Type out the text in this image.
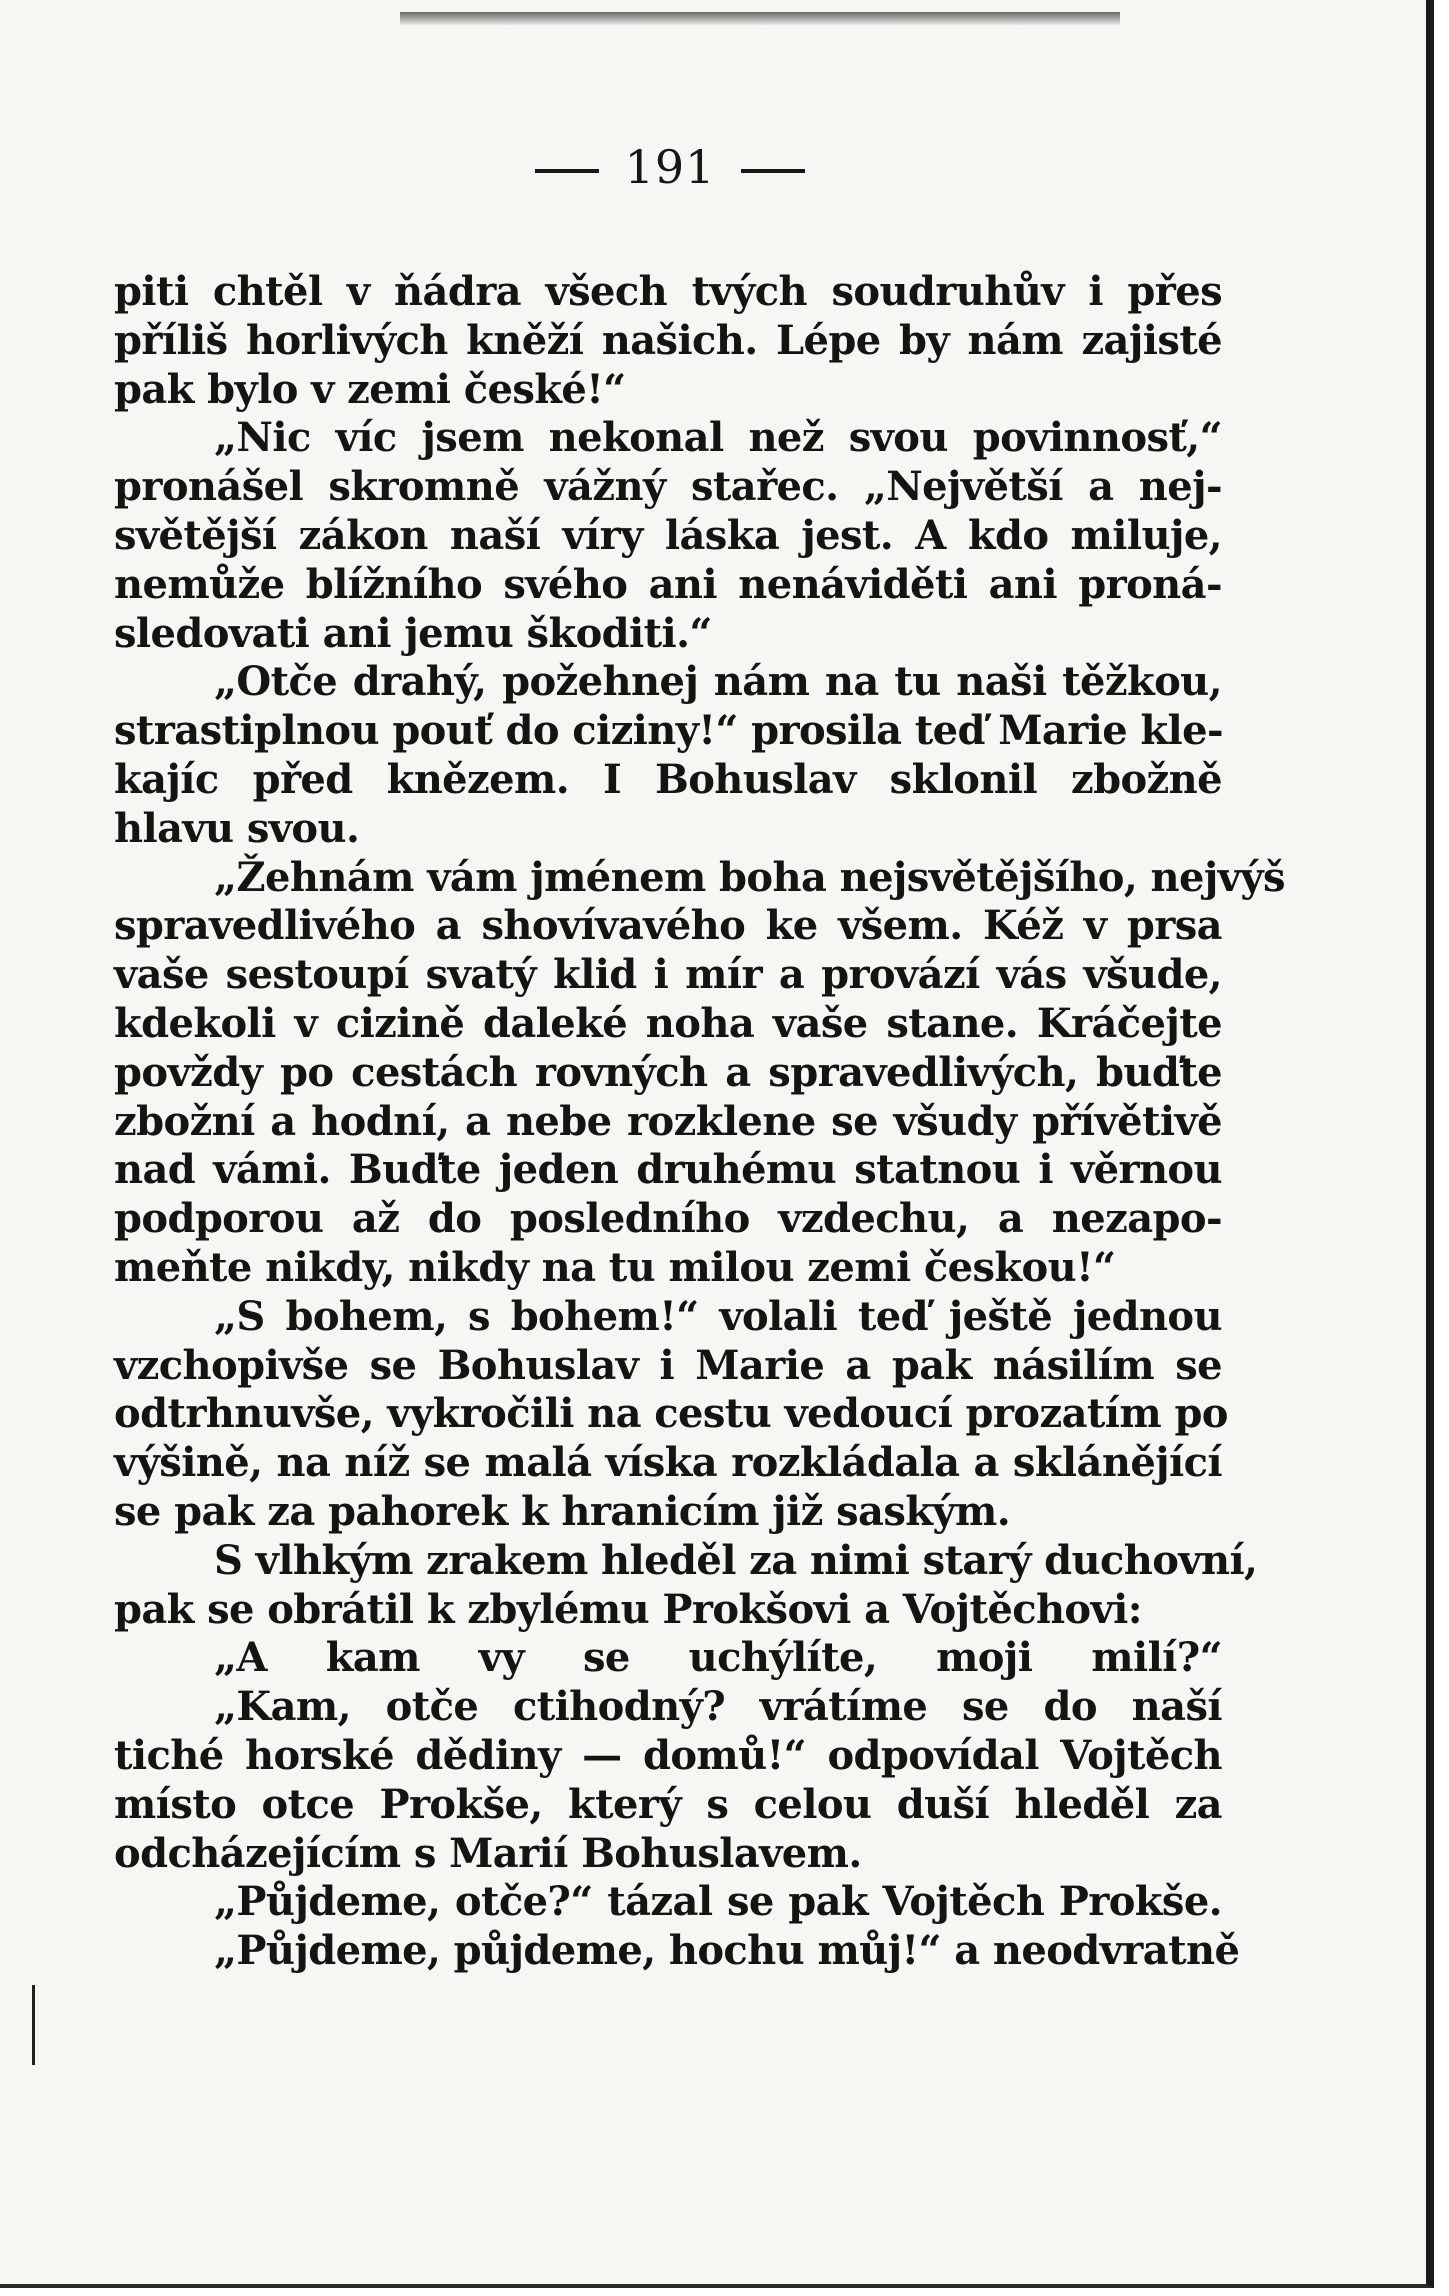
191
piti chtěl v ňádra všech tvých soudruhův i přes
příliš horlivých kněží našich. Lépe by nám zajisté
pak bylo v zemi české!“
„Nic víc jsem nekonal než svou povinnosť,“
pronášel skromně vážný stařec. „Největší a nej-
světější zákon naší víry láska jest. A kdo miluje,
nemůže blížního svého ani nenáviděti ani proná-
sledovati ani jemu škoditi.“
„Otče drahý, požehnej nám na tu naši těžkou,
strastiplnou pouť do ciziny!“ prosila teď Marie kle-
kajíc před knězem. I Bohuslav sklonil zbožně
hlavu svou.
„Žehnám vám jménem boha nejsvětějšího, nejvýš
spravedlivého a shovívavého ke všem. Kéž v prsa
vaše sestoupí svatý klid i mír a provází vás všude,
kdekoli v cizině daleké noha vaše stane. Kráčejte
povždy po cestách rovných a spravedlivých, buďte
zbožní a hodní, a nebe rozklene se všudy přívětivě
nad vámi. Buďte jeden druhému statnou i věrnou
podporou až do posledního vzdechu, a nezapo-
meňte nikdy, nikdy na tu milou zemi českou!“
„S bohem, s bohem!“ volali teď ještě jednou
vzchopivše se Bohuslav i Marie a pak násilím se
odtrhnuvše, vykročili na cestu vedoucí prozatím po
výšině, na níž se malá víska rozkládala a sklánějící
se pak za pahorek k hranicím již saským.
S vlhkým zrakem hleděl za nimi starý duchovní,
pak se obrátil k zbylému Prokšovi a Vojtěchovi:
„A kam vy se uchýlíte, moji milí?“
„Kam, otče ctihodný? vrátíme se do naší
tiché horské dědiny — domů!“ odpovídal Vojtěch
místo otce Prokše, který s celou duší hleděl za
odcházejícím s Marií Bohuslavem.
„Půjdeme, otče?“ tázal se pak Vojtěch Prokše.
„Půjdeme, půjdeme, hochu můj!“ a neodvratně
